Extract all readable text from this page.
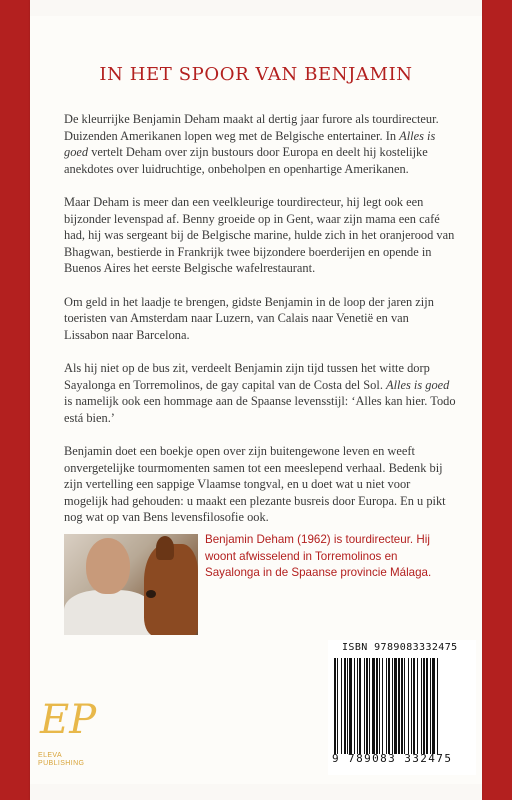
IN HET SPOOR VAN BENJAMIN

De kleurrijke Benjamin Deham maakt al dertig jaar furore als tourdirecteur. Duizenden Amerikanen lopen weg met de Belgische entertainer. In Alles is goed vertelt Deham over zijn bustours door Europa en deelt hij kostelijke anekdotes over luidruchtige, onbeholpen en openhartige Amerikanen.

Maar Deham is meer dan een veelkleurige tourdirecteur, hij legt ook een bijzonder levenspad af. Benny groeide op in Gent, waar zijn mama een café had, hij was sergeant bij de Belgische marine, hulde zich in het oranjerood van Bhagwan, bestierde in Frankrijk twee bijzondere boerderijen en opende in Buenos Aires het eerste Belgische wafelrestaurant.

Om geld in het laadje te brengen, gidste Benjamin in de loop der jaren zijn toeristen van Amsterdam naar Luzern, van Calais naar Venetië en van Lissabon naar Barcelona.

Als hij niet op de bus zit, verdeelt Benjamin zijn tijd tussen het witte dorp Sayalonga en Torremolinos, de gay capital van de Costa del Sol. Alles is goed is namelijk ook een hommage aan de Spaanse levensstijl: ‘Alles kan hier. Todo está bien.’

Benjamin doet een boekje open over zijn buitengewone leven en weeft onvergetelijke tourmomenten samen tot een meeslepend verhaal. Bedenk bij zijn vertelling een sappige Vlaamse tongval, en u doet wat u niet voor mogelijk had gehouden: u maakt een plezante busreis door Europa. En u pikt nog wat op van Bens levensfilosofie ook.

Benjamin Deham (1962) is tourdirecteur. Hij woont afwisselend in Torremolinos en Sayalonga in de Spaanse provincie Málaga.
EP
ELEVA
PUBLISHING
ISBN 9789083332475
9 789083 332475
